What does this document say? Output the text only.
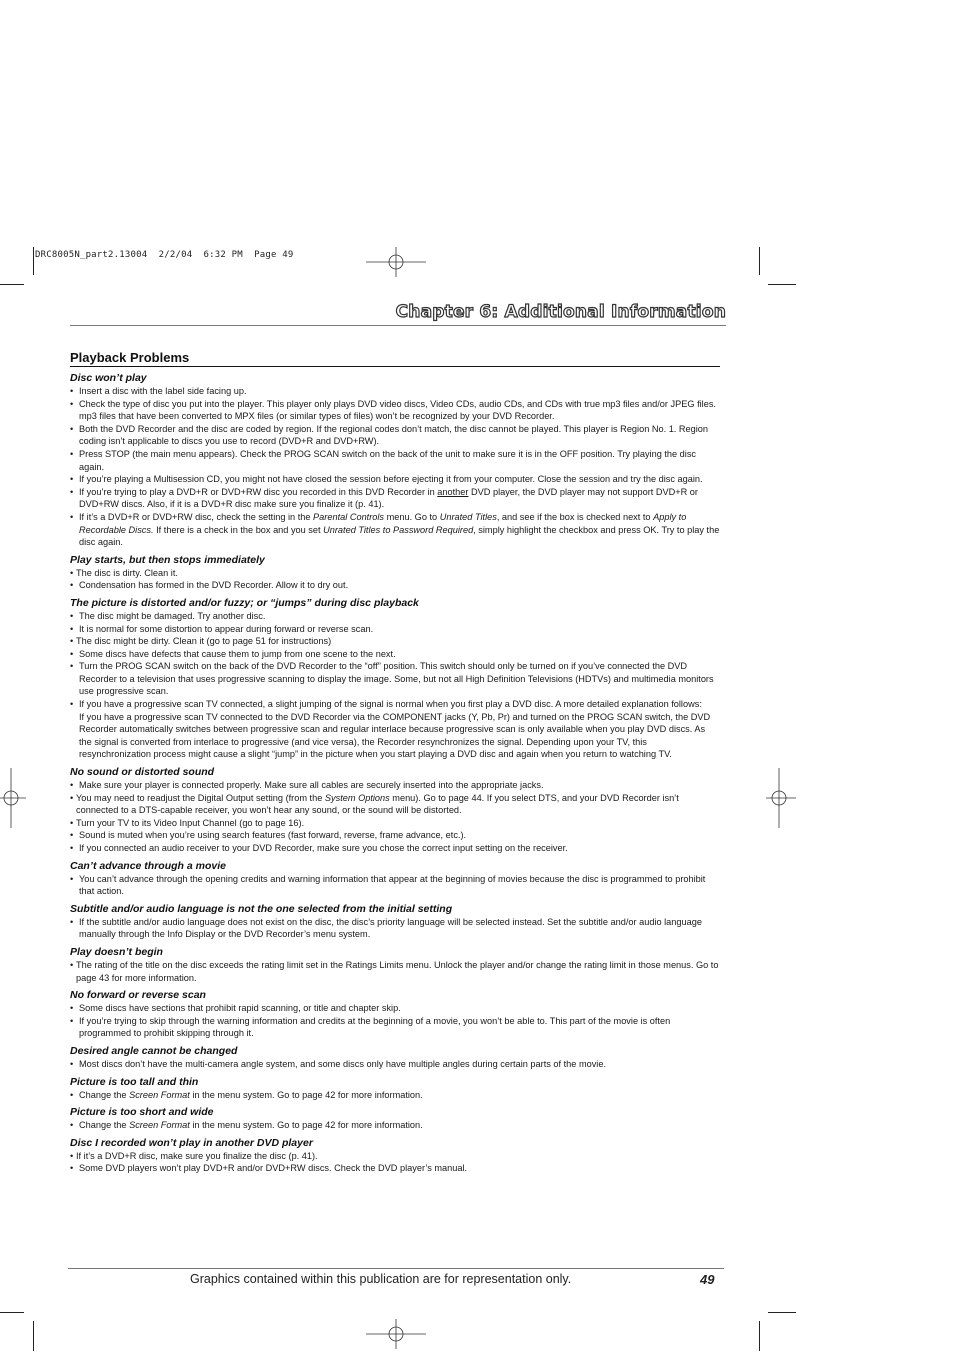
DRC8005N_part2.13004  2/2/04  6:32 PM  Page 49
Chapter 6: Additional Information
Playback Problems
Disc won’t play
• Insert a disc with the label side facing up.
• Check the type of disc you put into the player. This player only plays DVD video discs, Video CDs, audio CDs, and CDs with true mp3 files and/or JPEG files. mp3 files that have been converted to MPX files (or similar types of files) won’t be recognized by your DVD Recorder.
• Both the DVD Recorder and the disc are coded by region. If the regional codes don’t match, the disc cannot be played. This player is Region No. 1. Region coding isn’t applicable to discs you use to record (DVD+R and DVD+RW).
• Press STOP (the main menu appears). Check the PROG SCAN switch on the back of the unit to make sure it is in the OFF position. Try playing the disc again.
• If you’re playing a Multisession CD, you might not have closed the session before ejecting it from your computer. Close the session and try the disc again.
• If you’re trying to play a DVD+R or DVD+RW disc you recorded in this DVD Recorder in another DVD player, the DVD player may not support DVD+R or DVD+RW discs. Also, if it is a DVD+R disc make sure you finalize it (p. 41).
• If it’s a DVD+R or DVD+RW disc, check the setting in the Parental Controls menu. Go to Unrated Titles, and see if the box is checked next to Apply to Recordable Discs. If there is a check in the box and you set Unrated Titles to Password Required, simply highlight the checkbox and press OK. Try to play the disc again.
Play starts, but then stops immediately
• The disc is dirty. Clean it.
• Condensation has formed in the DVD Recorder. Allow it to dry out.
The picture is distorted and/or fuzzy; or “jumps” during disc playback
• The disc might be damaged. Try another disc.
• It is normal for some distortion to appear during forward or reverse scan.
• The disc might be dirty. Clean it (go to page 51 for instructions)
• Some discs have defects that cause them to jump from one scene to the next.
• Turn the PROG SCAN switch on the back of the DVD Recorder to the “off” position. This switch should only be turned on if you’ve connected the DVD Recorder to a television that uses progressive scanning to display the image. Some, but not all High Definition Televisions (HDTVs) and multimedia monitors use progressive scan.
• If you have a progressive scan TV connected, a slight jumping of the signal is normal when you first play a DVD disc. A more detailed explanation follows:
If you have a progressive scan TV connected to the DVD Recorder via the COMPONENT jacks (Y, Pb, Pr) and turned on the PROG SCAN switch, the DVD Recorder automatically switches between progressive scan and regular interlace because progressive scan is only available when you play DVD discs. As the signal is converted from interlace to progressive (and vice versa), the Recorder resynchronizes the signal. Depending upon your TV, this resynchronization process might cause a slight “jump” in the picture when you start playing a DVD disc and again when you return to watching TV.
No sound or distorted sound
• Make sure your player is connected properly. Make sure all cables are securely inserted into the appropriate jacks.
• You may need to readjust the Digital Output setting (from the System Options menu). Go to page 44. If you select DTS, and your DVD Recorder isn’t connected to a DTS-capable receiver, you won’t hear any sound, or the sound will be distorted.
• Turn your TV to its Video Input Channel (go to page 16).
• Sound is muted when you’re using search features (fast forward, reverse, frame advance, etc.).
• If you connected an audio receiver to your DVD Recorder, make sure you chose the correct input setting on the receiver.
Can’t advance through a movie
• You can’t advance through the opening credits and warning information that appear at the beginning of movies because the disc is programmed to prohibit that action.
Subtitle and/or audio language is not the one selected from the initial setting
• If the subtitle and/or audio language does not exist on the disc, the disc’s priority language will be selected instead. Set the subtitle and/or audio language manually through the Info Display or the DVD Recorder’s menu system.
Play doesn’t begin
• The rating of the title on the disc exceeds the rating limit set in the Ratings Limits menu. Unlock the player and/or change the rating limit in those menus. Go to page 43 for more information.
No forward or reverse scan
• Some discs have sections that prohibit rapid scanning, or title and chapter skip.
• If you’re trying to skip through the warning information and credits at the beginning of a movie, you won’t be able to. This part of the movie is often programmed to prohibit skipping through it.
Desired angle cannot be changed
• Most discs don’t have the multi-camera angle system, and some discs only have multiple angles during certain parts of the movie.
Picture is too tall and thin
• Change the Screen Format in the menu system. Go to page 42 for more information.
Picture is too short and wide
• Change the Screen Format in the menu system. Go to page 42 for more information.
Disc I recorded won’t play in another DVD player
• If it’s a DVD+R disc, make sure you finalize the disc (p. 41).
• Some DVD players won’t play DVD+R and/or DVD+RW discs. Check the DVD player’s manual.
Graphics contained within this publication are for representation only.	49
